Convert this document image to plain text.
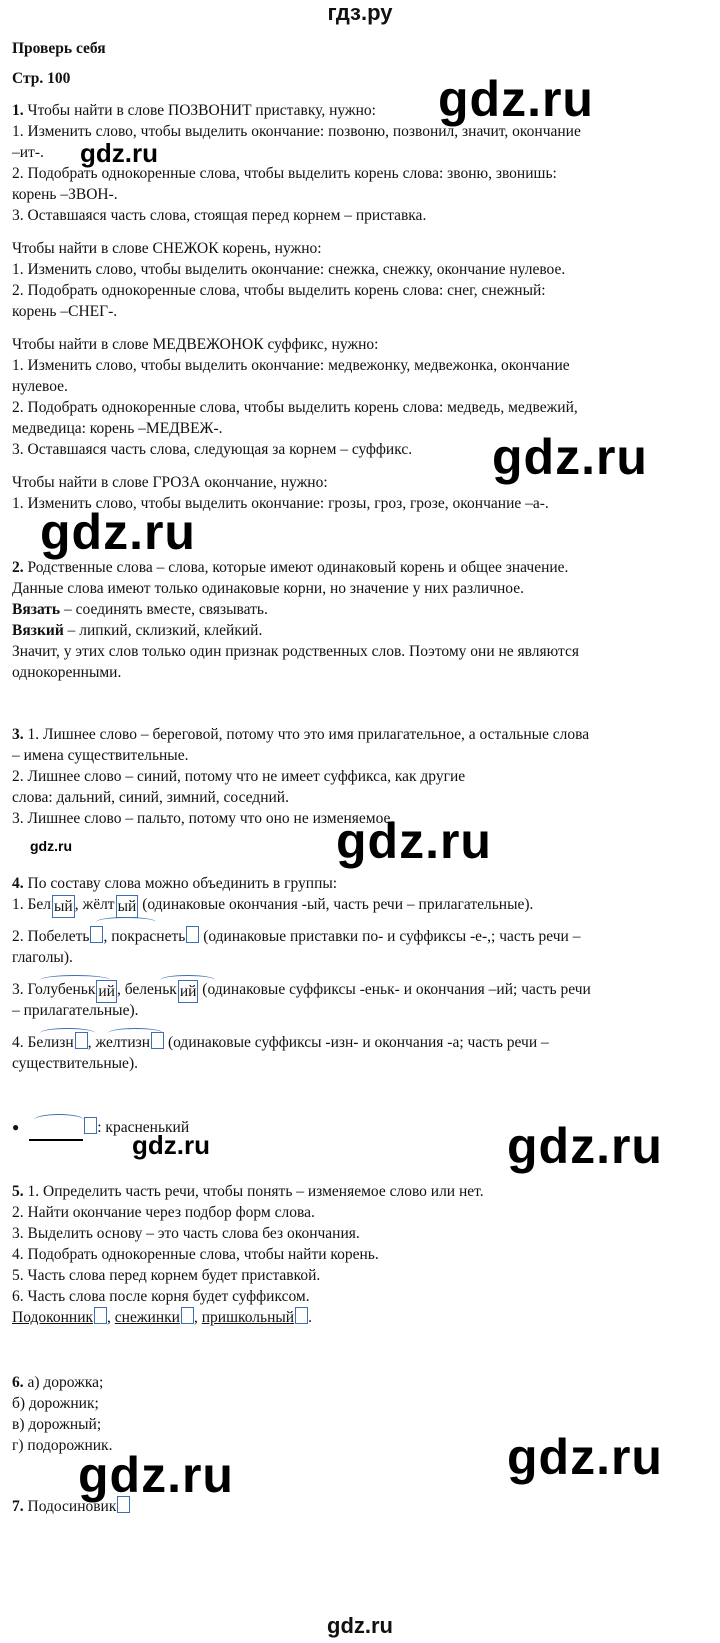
гдз.ру
Проверь себя
Стр. 100
1. Чтобы найти в слове ПОЗВОНИТ приставку, нужно:
1. Изменить слово, чтобы выделить окончание: позвоню, позвонил, значит, окончание
–ит-.
2. Подобрать однокоренные слова, чтобы выделить корень слова: звоню, звонишь:
корень –ЗВОН-.
3. Оставшаяся часть слова, стоящая перед корнем – приставка.
Чтобы найти в слове СНЕЖОК корень, нужно:
1. Изменить слово, чтобы выделить окончание: снежка, снежку, окончание нулевое.
2. Подобрать однокоренные слова, чтобы выделить корень слова: снег, снежный:
корень –СНЕГ-.
Чтобы найти в слове МЕДВЕЖОНОК суффикс, нужно:
1. Изменить слово, чтобы выделить окончание: медвежонку, медвежонка, окончание
нулевое.
2. Подобрать однокоренные слова, чтобы выделить корень слова: медведь, медвежий,
медведица: корень –МЕДВЕЖ-.
3. Оставшаяся часть слова, следующая за корнем – суффикс.
Чтобы найти в слове ГРОЗА окончание, нужно:
1. Изменить слово, чтобы выделить окончание: грозы, гроз, грозе, окончание –а-.
2. Родственные слова – слова, которые имеют одинаковый корень и общее значение.
Данные слова имеют только одинаковые корни, но значение у них различное.
Вязать – соединять вместе, связывать.
Вязкий – липкий, склизкий, клейкий.
Значит, у этих слов только один признак родственных слов. Поэтому они не являются
однокоренными.
3. 1. Лишнее слово – береговой, потому что это имя прилагательное, а остальные слова
– имена существительные.
2. Лишнее слово – синий, потому что не имеет суффикса, как другие
слова: дальний, синий, зимний, соседний.
3. Лишнее слово – пальто, потому что оно не изменяемое.
4. По составу слова можно объединить в группы:
1. Бел ый , жёлт ый (одинаковые окончания -ый, часть речи – прилагательные).
2. Побелеть , покраснеть (одинаковые приставки по- и суффиксы -е-,; часть речи –
глаголы).
3. Голубеньк ий , беленьк ий (одинаковые суффиксы -еньк- и окончания –ий; часть речи
– прилагательные).
4. Белизн , желтизн (одинаковые суффиксы -изн- и окончания -а; часть речи –
существительные).
●	: красненький
5. 1. Определить часть речи, чтобы понять – изменяемое слово или нет.
2. Найти окончание через подбор форм слова.
3. Выделить основу – это часть слова без окончания.
4. Подобрать однокоренные слова, чтобы найти корень.
5. Часть слова перед корнем будет приставкой.
6. Часть слова после корня будет суффиксом.
Подоконник , снежинки , пришкольный .
6. а) дорожка;
б) дорожник;
в) дорожный;
г) подорожник.
7. Подосиновик
gdz.ru
gdz.ru
gdz.ru
gdz.ru
gdz.ru	gdz.ru
gdz.ru	gdz.ru
gdz.ru
gdz.ru
gdz.ru
